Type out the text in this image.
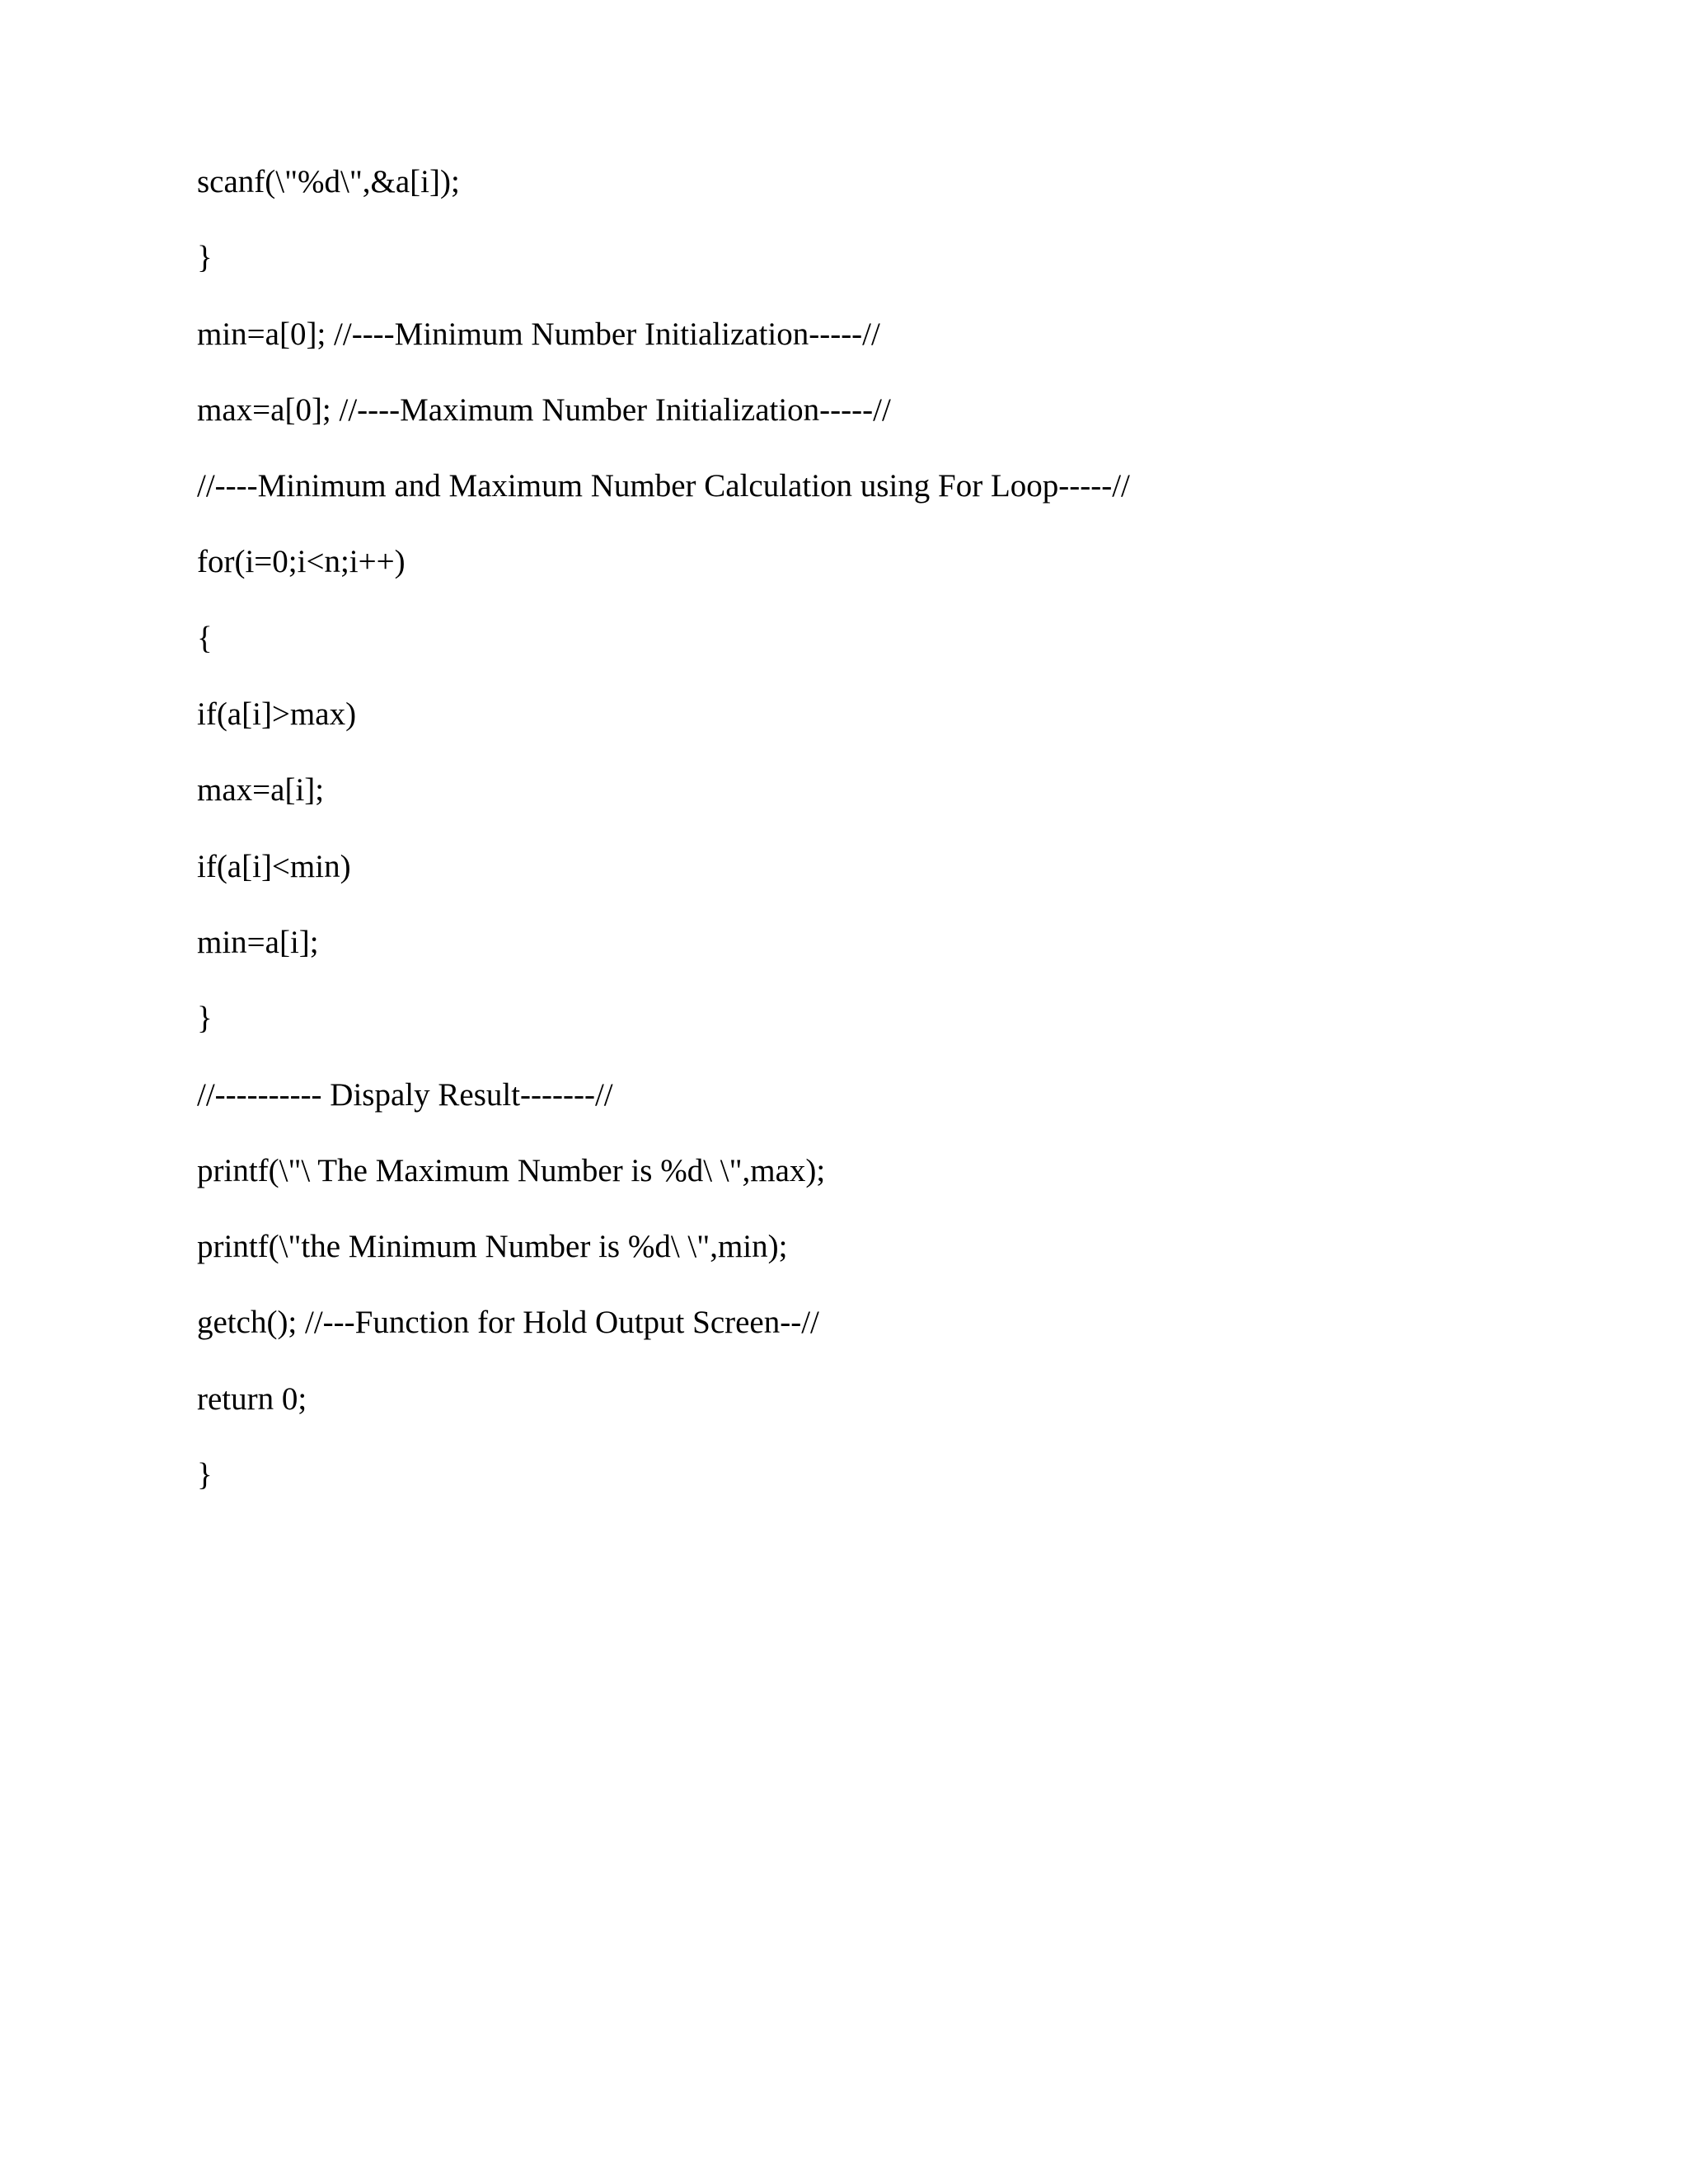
scanf(\"%d\",&a[i]);
}
min=a[0]; //----Minimum Number Initialization-----//
max=a[0]; //----Maximum Number Initialization-----//
//----Minimum and Maximum Number Calculation using For Loop-----//
for(i=0;i<n;i++)
{
if(a[i]>max)
max=a[i];
if(a[i]<min)
min=a[i];
}
//---------- Dispaly Result-------//
printf(\"\ The Maximum Number is %d\ \",max);
printf(\"the Minimum Number is %d\ \",min);
getch(); //---Function for Hold Output Screen--//
return 0;
}
